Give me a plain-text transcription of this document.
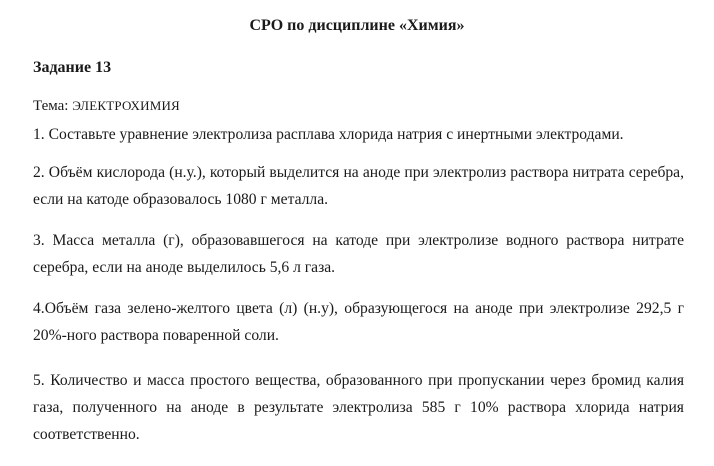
СРО по дисциплине «Химия»
Задание 13
Тема: ЭЛЕКТРОХИМИЯ
1. Составьте уравнение электролиза расплава хлорида натрия с инертными электродами.
2. Объём кислорода (н.у.), который выделится на аноде при электролиз раствора нитрата серебра, если на катоде образовалось 1080 г металла.
3. Масса металла (г), образовавшегося на катоде при электролизе водного раствора нитрате серебра, если на аноде выделилось 5,6 л газа.
4.Объём газа зелено-желтого цвета (л) (н.у), образующегося на аноде при электролизе 292,5 г 20%-ного раствора поваренной соли.
5. Количество и масса простого вещества, образованного при пропускании через бромид калия газа, полученного на аноде в результате электролиза 585 г 10% раствора хлорида натрия соответственно.
